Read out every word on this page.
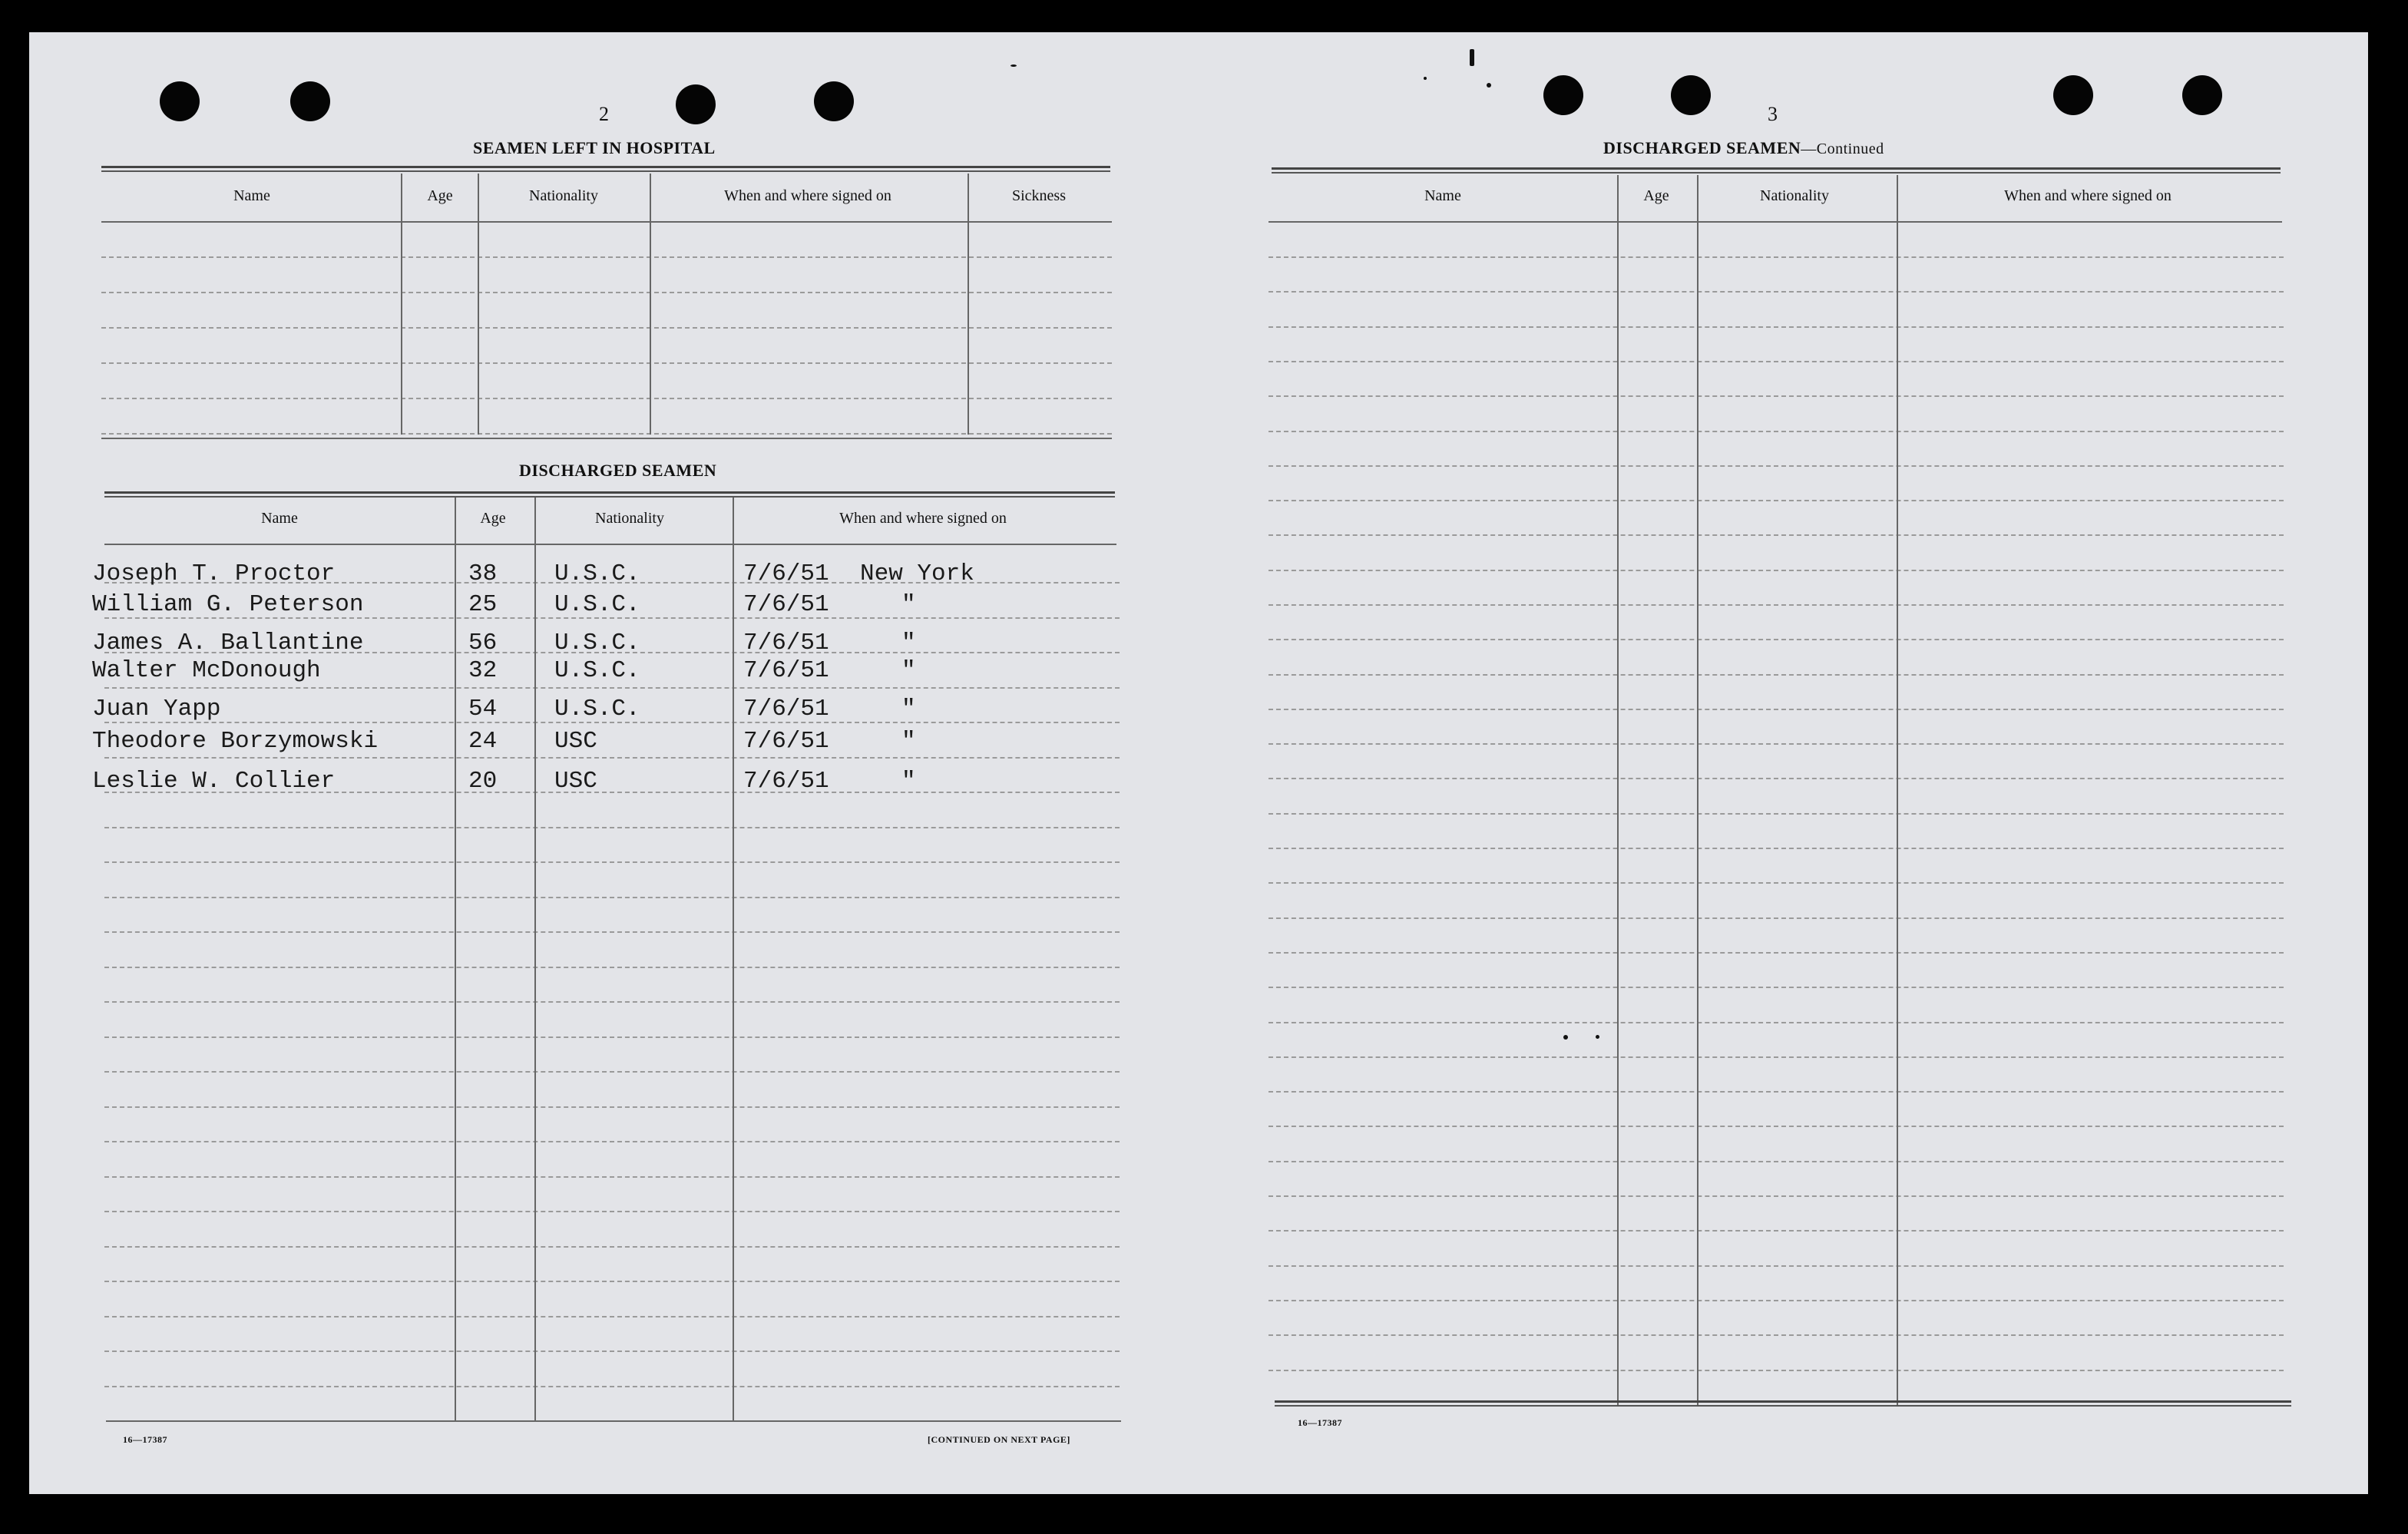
2
SEAMEN LEFT IN HOSPITAL
Name	Age	Nationality	When and where signed on	Sickness
DISCHARGED SEAMEN
Name	Age	Nationality	When and where signed on
Joseph T. Proctor	38 U.S.C.	7/6/51 New York
William G. Peterson	25 U.S.C.	7/6/51	"
James A. Ballantine	56 U.S.C.	7/6/51	"
Walter McDonough	32 U.S.C.	7/6/51	"
Juan Yapp	54 U.S.C.	7/6/51	"
Theodore Borzymowski	24 USC	7/6/51	"
Leslie W. Collier	20 USC	7/6/51	"
16—17387	[CONTINUED ON NEXT PAGE]
3
DISCHARGED SEAMEN—Continued
Name	Age	Nationality	When and where signed on
16—17387
